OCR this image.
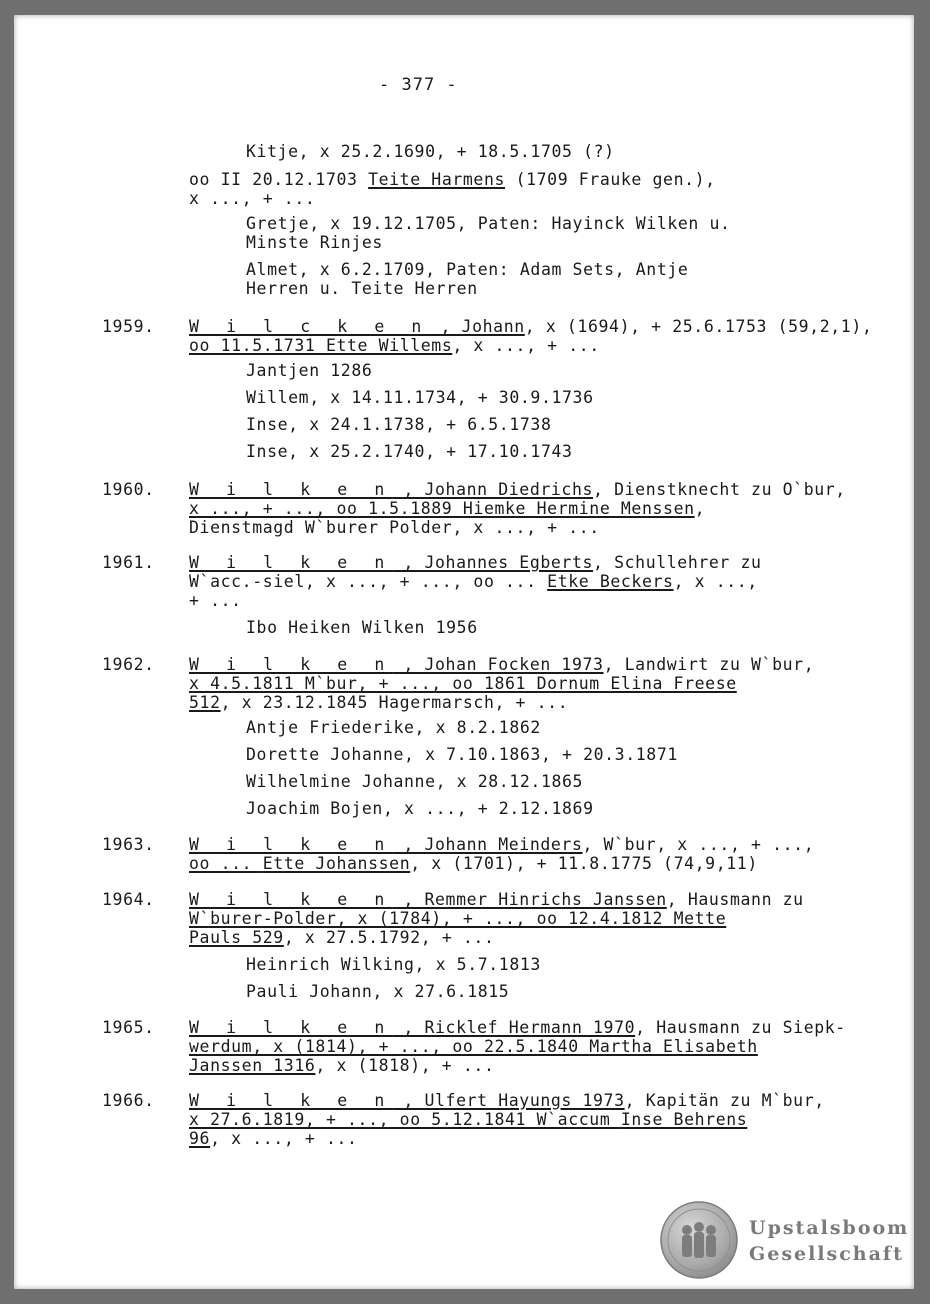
- 377 -
Kitje, x 25.2.1690, + 18.5.1705 (?)
oo II 20.12.1703 Teite Harmens (1709 Frauke gen.),
x ..., + ...
Gretje, x 19.12.1705, Paten: Hayinck Wilken u.
Minste Rinjes
Almet, x 6.2.1709, Paten: Adam Sets, Antje
Herren u. Teite Herren
1959. W i l c k e n , Johann, x (1694), + 25.6.1753 (59,2,1),
oo 11.5.1731 Ette Willems, x ..., + ...
Jantjen 1286
Willem, x 14.11.1734, + 30.9.1736
Inse, x 24.1.1738, + 6.5.1738
Inse, x 25.2.1740, + 17.10.1743
1960. W i l k e n , Johann Diedrichs, Dienstknecht zu O`bur,
x ..., + ..., oo 1.5.1889 Hiemke Hermine Menssen,
Dienstmagd W`burer Polder, x ..., + ...
1961. W i l k e n , Johannes Egberts, Schullehrer zu
W`acc.-siel, x ..., + ..., oo ... Etke Beckers, x ...,
+ ...
Ibo Heiken Wilken 1956
1962. W i l k e n , Johan Focken 1973, Landwirt zu W`bur,
x 4.5.1811 M`bur, + ..., oo 1861 Dornum Elina Freese
512, x 23.12.1845 Hagermarsch, + ...
Antje Friederike, x 8.2.1862
Dorette Johanne, x 7.10.1863, + 20.3.1871
Wilhelmine Johanne, x 28.12.1865
Joachim Bojen, x ..., + 2.12.1869
1963. W i l k e n , Johann Meinders, W`bur, x ..., + ...,
oo ... Ette Johanssen, x (1701), + 11.8.1775 (74,9,11)
1964. W i l k e n , Remmer Hinrichs Janssen, Hausmann zu
W`burer-Polder, x (1784), + ..., oo 12.4.1812 Mette
Pauls 529, x 27.5.1792, + ...
Heinrich Wilking, x 5.7.1813
Pauli Johann, x 27.6.1815
1965. W i l k e n , Ricklef Hermann 1970, Hausmann zu Siepk-
werdum, x (1814), + ..., oo 22.5.1840 Martha Elisabeth
Janssen 1316, x (1818), + ...
1966. W i l k e n , Ulfert Hayungs 1973, Kapitän zu M`bur,
x 27.6.1819, + ..., oo 5.12.1841 W`accum Inse Behrens
96, x ..., + ...
Upstalsboom
Gesellschaft
